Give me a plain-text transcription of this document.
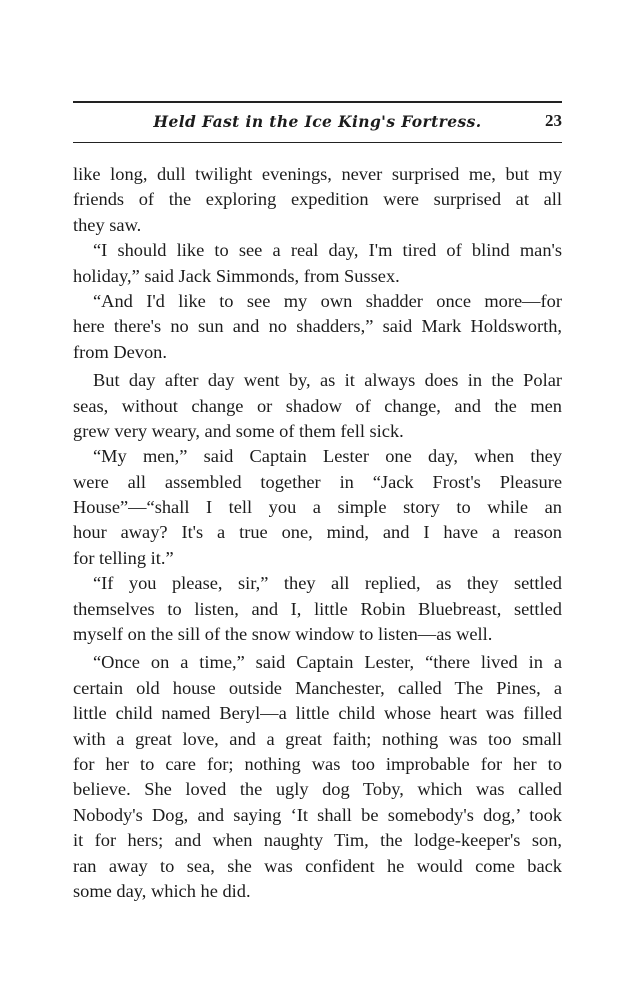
Held Fast in the Ice King's Fortress.	23
like long, dull twilight evenings, never surprised me, but my
friends of the exploring expedition were surprised at all
they saw.
“I should like to see a real day, I'm tired of blind man's
holiday,” said Jack Simmonds, from Sussex.
“And I'd like to see my own shadder once more—for
here there's no sun and no shadders,” said Mark Holdsworth,
from Devon.
But day after day went by, as it always does in the Polar
seas, without change or shadow of change, and the men
grew very weary, and some of them fell sick.
“My men,” said Captain Lester one day, when they
were all assembled together in “Jack Frost's Pleasure
House”—“shall I tell you a simple story to while an
hour away? It's a true one, mind, and I have a reason
for telling it.”
“If you please, sir,” they all replied, as they settled
themselves to listen, and I, little Robin Bluebreast, settled
myself on the sill of the snow window to listen—as well.
“Once on a time,” said Captain Lester, “there lived in a
certain old house outside Manchester, called The Pines, a
little child named Beryl—a little child whose heart was filled
with a great love, and a great faith; nothing was too small
for her to care for; nothing was too improbable for her to
believe. She loved the ugly dog Toby, which was called
Nobody's Dog, and saying ‘It shall be somebody's dog,’ took
it for hers; and when naughty Tim, the lodge-keeper's son,
ran away to sea, she was confident he would come back
some day, which he did.
